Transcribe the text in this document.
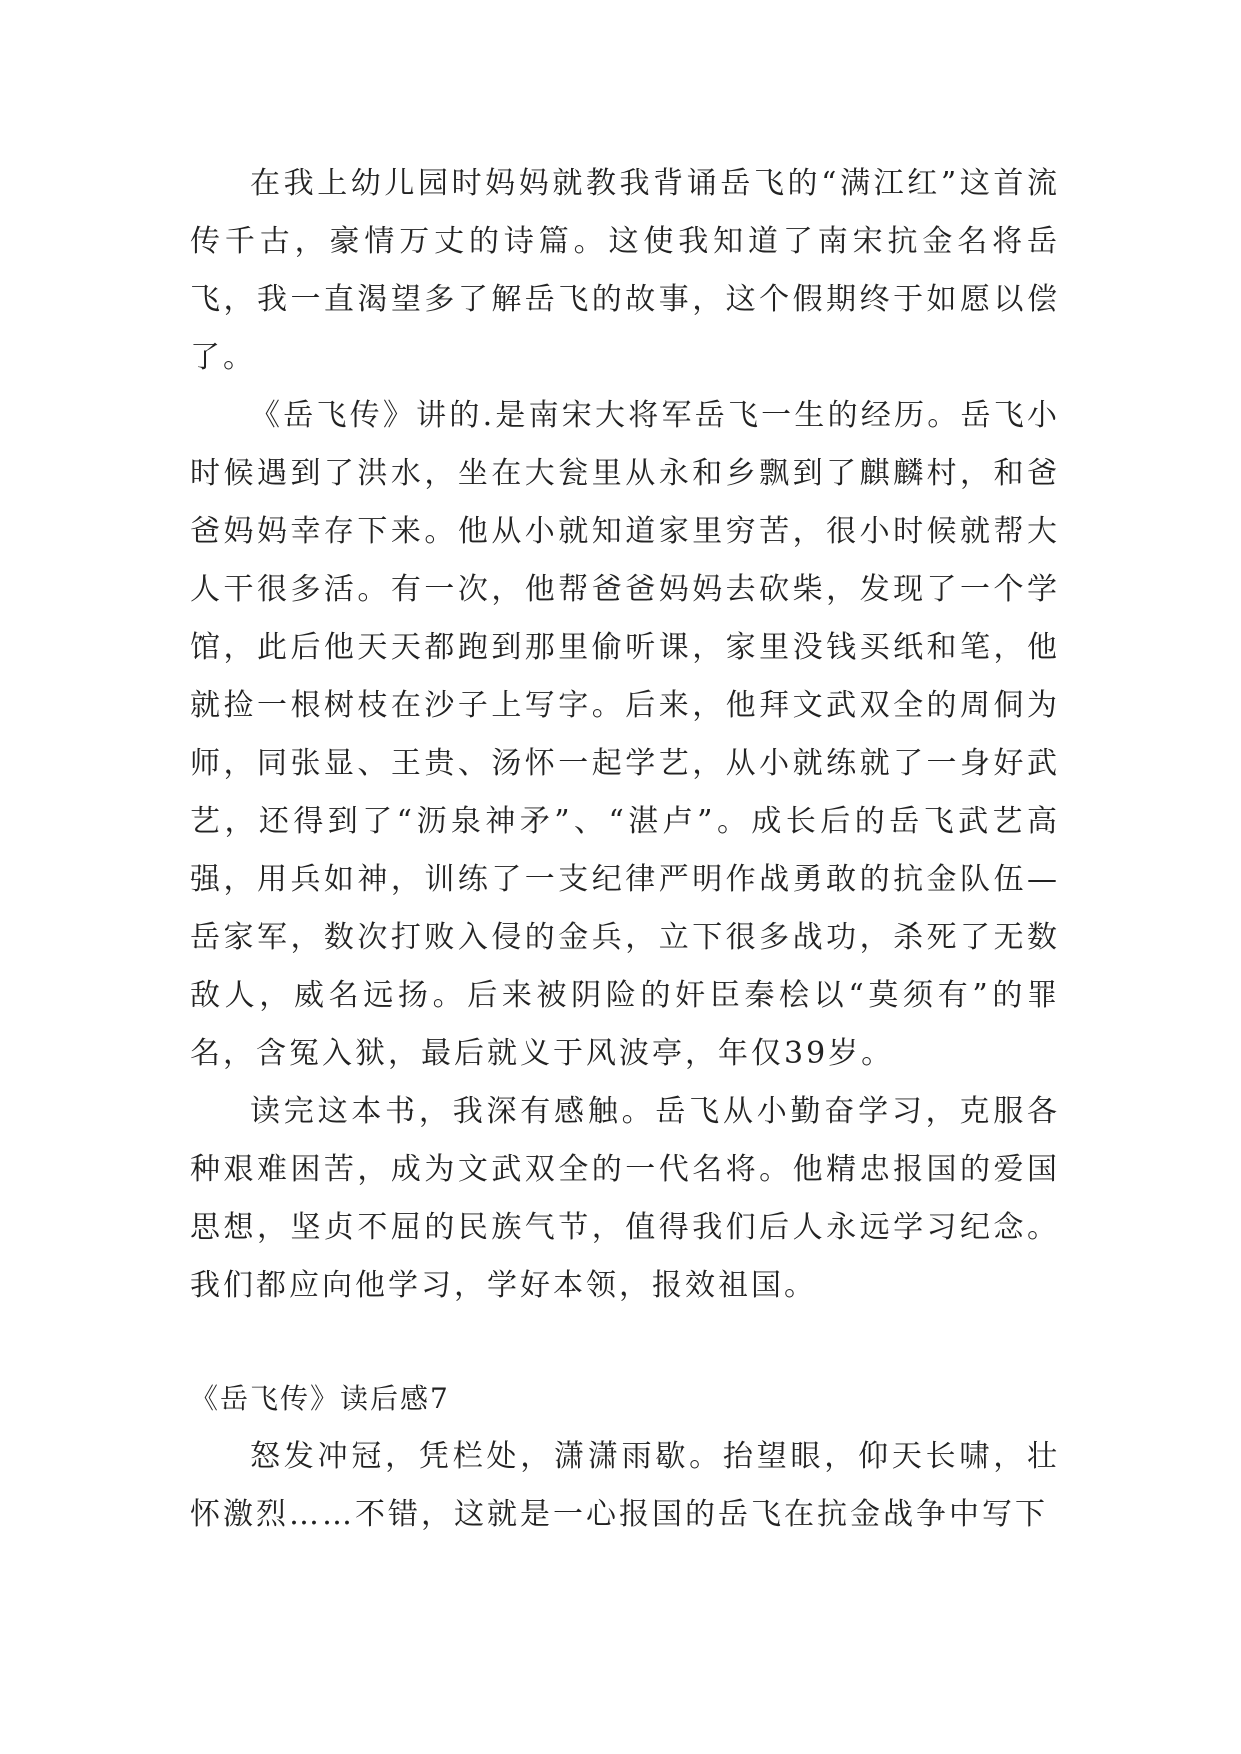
在我上幼儿园时妈妈就教我背诵岳飞的“满江红”这首流传千古，豪情万丈的诗篇。这使我知道了南宋抗金名将岳飞，我一直渴望多了解岳飞的故事，这个假期终于如愿以偿了。

《岳飞传》讲的.是南宋大将军岳飞一生的经历。岳飞小时候遇到了洪水，坐在大瓮里从永和乡飘到了麒麟村，和爸爸妈妈幸存下来。他从小就知道家里穷苦，很小时候就帮大人干很多活。有一次，他帮爸爸妈妈去砍柴，发现了一个学馆，此后他天天都跑到那里偷听课，家里没钱买纸和笔，他就捡一根树枝在沙子上写字。后来，他拜文武双全的周侗为师，同张显、王贵、汤怀一起学艺，从小就练就了一身好武艺，还得到了“沥泉神矛”、“湛卢”。成长后的岳飞武艺高强，用兵如神，训练了一支纪律严明作战勇敢的抗金队伍—岳家军，数次打败入侵的金兵，立下很多战功，杀死了无数敌人，威名远扬。后来被阴险的奸臣秦桧以“莫须有”的罪名，含冤入狱，最后就义于风波亭，年仅39岁。

读完这本书，我深有感触。岳飞从小勤奋学习，克服各种艰难困苦，成为文武双全的一代名将。他精忠报国的爱国思想，坚贞不屈的民族气节，值得我们后人永远学习纪念。我们都应向他学习，学好本领，报效祖国。

《岳飞传》读后感7

怒发冲冠，凭栏处，潇潇雨歇。抬望眼，仰天长啸，壮怀激烈……不错，这就是一心报国的岳飞在抗金战争中写下
